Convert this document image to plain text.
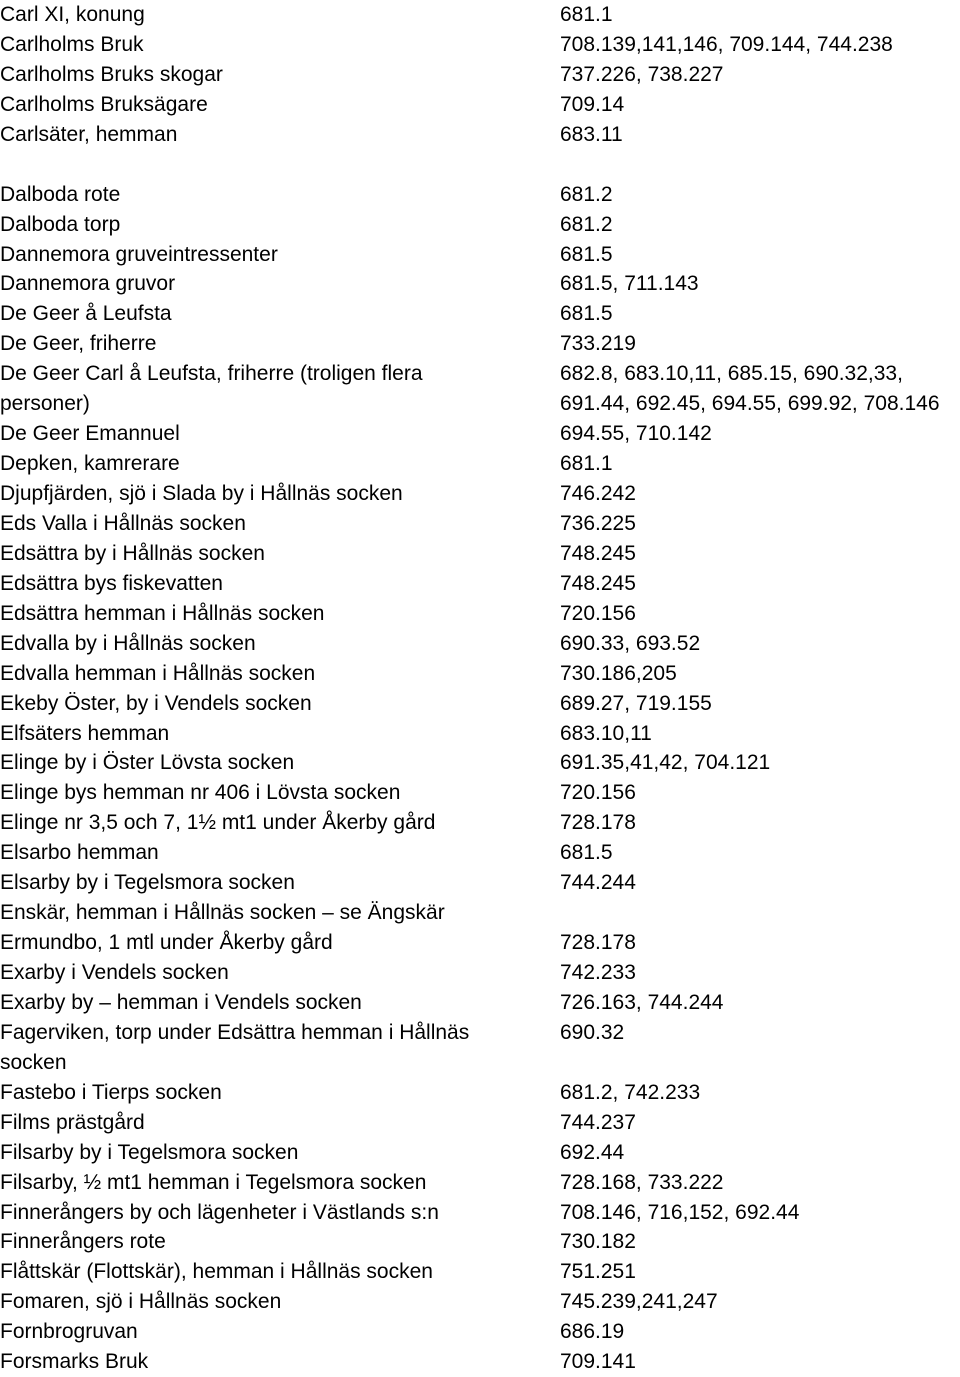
Carl XI, konung	681.1
Carlholms Bruk	708.139,141,146, 709.144, 744.238
Carlholms Bruks skogar	737.226, 738.227
Carlholms Bruksägare	709.14
Carlsäter, hemman	683.11
Dalboda rote	681.2
Dalboda torp	681.2
Dannemora gruveintressenter	681.5
Dannemora gruvor	681.5, 711.143
De Geer å Leufsta	681.5
De Geer, friherre	733.219
De Geer Carl å Leufsta, friherre (troligen flera	682.8, 683.10,11, 685.15, 690.32,33,
personer)	691.44, 692.45, 694.55, 699.92, 708.146
De Geer Emannuel	694.55, 710.142
Depken, kamrerare	681.1
Djupfjärden, sjö i Slada by i Hållnäs socken	746.242
Eds Valla i Hållnäs socken	736.225
Edsättra by i Hållnäs socken	748.245
Edsättra bys fiskevatten	748.245
Edsättra hemman i Hållnäs socken	720.156
Edvalla by i Hållnäs socken	690.33, 693.52
Edvalla hemman i Hållnäs socken	730.186,205
Ekeby Öster, by i Vendels socken	689.27, 719.155
Elfsäters hemman	683.10,11
Elinge by i Öster Lövsta socken	691.35,41,42, 704.121
Elinge bys hemman nr 406 i Lövsta socken	720.156
Elinge nr 3,5 och 7, 1½ mt1 under Åkerby gård	728.178
Elsarbo hemman	681.5
Elsarby by i Tegelsmora socken	744.244
Enskär, hemman i Hållnäs socken – se Ängskär
Ermundbo, 1 mtl under Åkerby gård	728.178
Exarby i Vendels socken	742.233
Exarby by – hemman i Vendels socken	726.163, 744.244
Fagerviken, torp under Edsättra hemman i Hållnäs	690.32
socken
Fastebo i Tierps socken	681.2, 742.233
Films prästgård	744.237
Filsarby by i Tegelsmora socken	692.44
Filsarby, ½ mt1 hemman i Tegelsmora socken	728.168, 733.222
Finnerångers by och lägenheter i Västlands s:n	708.146, 716,152, 692.44
Finnerångers rote	730.182
Flåttskär (Flottskär), hemman i Hållnäs socken	751.251
Fomaren, sjö i Hållnäs socken	745.239,241,247
Fornbrogruvan	686.19
Forsmarks Bruk	709.141
